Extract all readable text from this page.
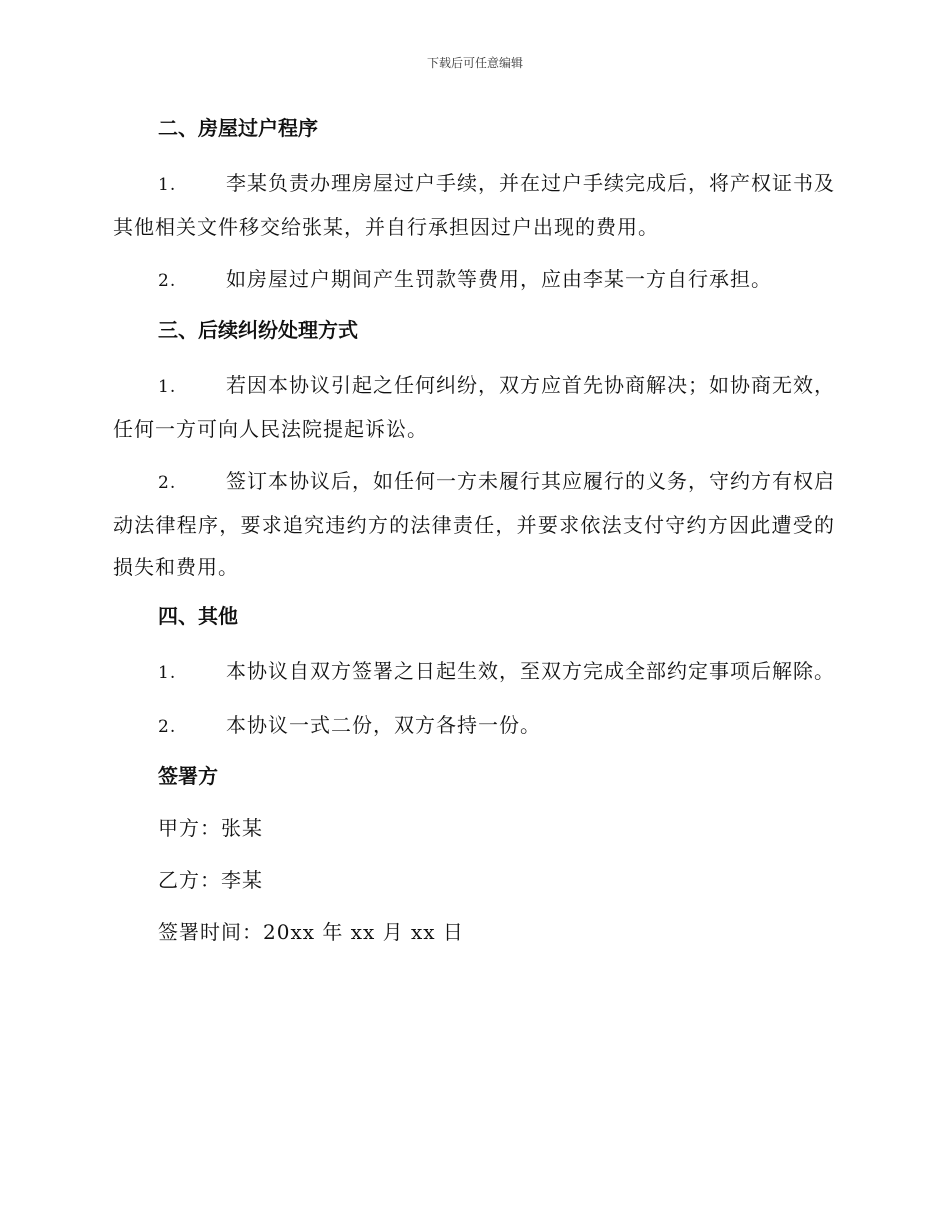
下载后可任意编辑
二、房屋过户程序
1. 李某负责办理房屋过户手续，并在过户手续完成后，将产权证书及其他相关文件移交给张某，并自行承担因过户出现的费用。
2. 如房屋过户期间产生罚款等费用，应由李某一方自行承担。
三、后续纠纷处理方式
1. 若因本协议引起之任何纠纷，双方应首先协商解决；如协商无效，任何一方可向人民法院提起诉讼。
2. 签订本协议后，如任何一方未履行其应履行的义务，守约方有权启动法律程序，要求追究违约方的法律责任，并要求依法支付守约方因此遭受的损失和费用。
四、其他
1. 本协议自双方签署之日起生效，至双方完成全部约定事项后解除。
2. 本协议一式二份，双方各持一份。
签署方
甲方：张某
乙方：李某
签署时间：20xx 年 xx 月 xx 日
